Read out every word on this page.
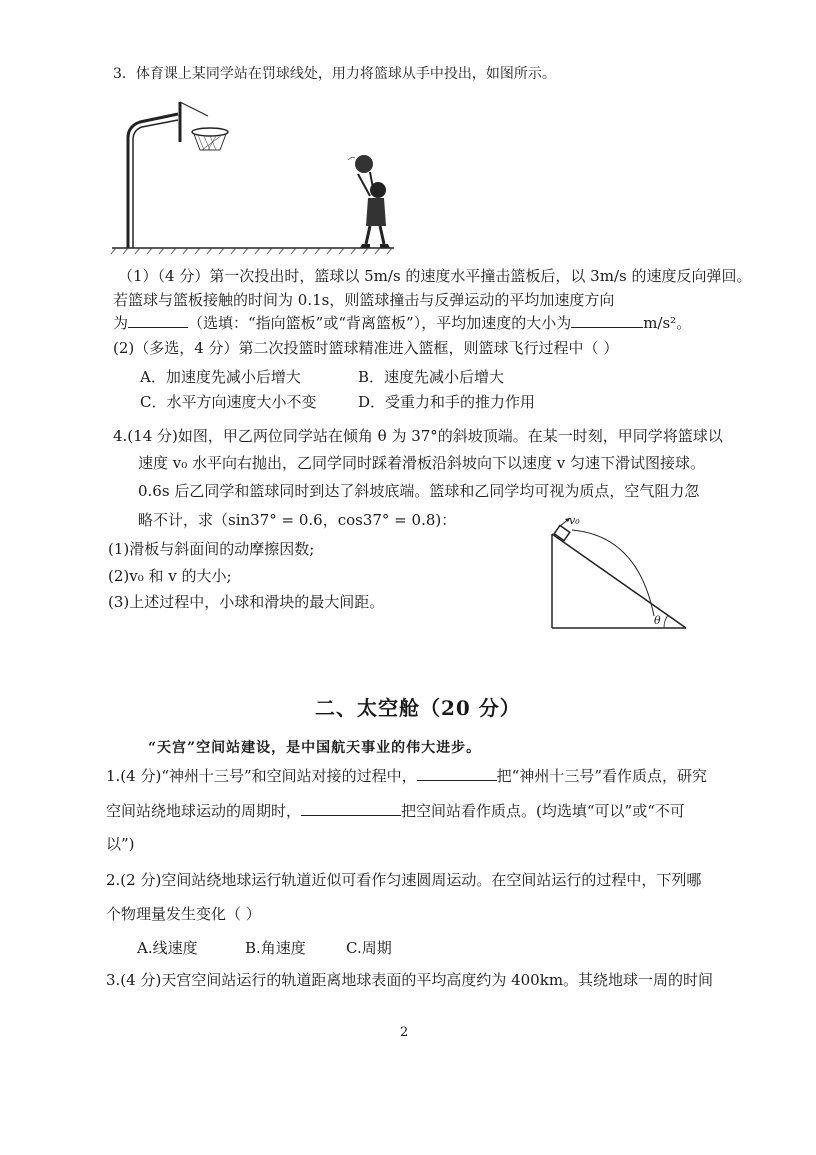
3．体育课上某同学站在罚球线处，用力将篮球从手中投出，如图所示。
（1）（4 分）第一次投出时，篮球以 5m/s 的速度水平撞击篮板后，以 3m/s 的速度反向弹回。
若篮球与篮板接触的时间为 0.1s，则篮球撞击与反弹运动的平均加速度方向
为	（选填：“指向篮板”或“背离篮板”），平均加速度的大小为	m/s²。
(2)（多选，4 分）第二次投篮时篮球精准进入篮框，则篮球飞行过程中（ ）
A．加速度先减小后增大	B．速度先减小后增大
C．水平方向速度大小不变	D．受重力和手的推力作用
4.(14 分)如图，甲乙两位同学站在倾角 θ 为 37°的斜坡顶端。在某一时刻，甲同学将篮球以
速度 v₀ 水平向右抛出，乙同学同时踩着滑板沿斜坡向下以速度 v 匀速下滑试图接球。
0.6s 后乙同学和篮球同时到达了斜坡底端。篮球和乙同学均可视为质点，空气阻力忽
略不计，求（sin37° = 0.6，cos37° = 0.8)：
(1)滑板与斜面间的动摩擦因数;
(2)v₀ 和 v 的大小;
(3)上述过程中，小球和滑块的最大间距。
v₀
θ
二、太空舱（20 分）
“天宫”空间站建设，是中国航天事业的伟大进步。
1.(4 分)“神州十三号”和空间站对接的过程中，	把“神州十三号”看作质点，研究
空间站绕地球运动的周期时，	把空间站看作质点。(均选填“可以”或“不可
以”)
2.(2 分)空间站绕地球运行轨道近似可看作匀速圆周运动。在空间站运行的过程中，下列哪
个物理量发生变化（ ）
A.线速度	B.角速度	C.周期
3.(4 分)天宫空间站运行的轨道距离地球表面的平均高度约为 400km。其绕地球一周的时间
2
